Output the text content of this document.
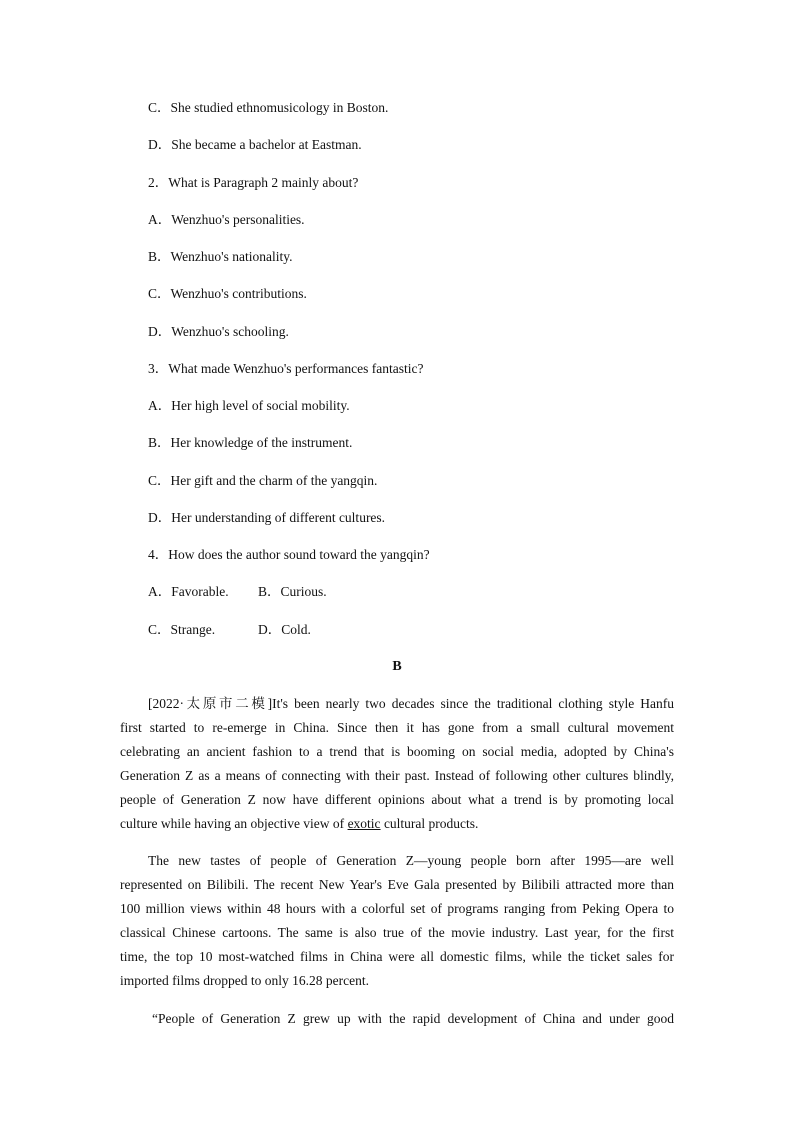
C．She studied ethnomusicology in Boston.
D．She became a bachelor at Eastman.
2．What is Paragraph 2 mainly about?
A．Wenzhuo's personalities.
B．Wenzhuo's nationality.
C．Wenzhuo's contributions.
D．Wenzhuo's schooling.
3．What made Wenzhuo's performances fantastic?
A．Her high level of social mobility.
B．Her knowledge of the instrument.
C．Her gift and the charm of the yangqin.
D．Her understanding of different cultures.
4．How does the author sound toward the yangqin?
A．Favorable. B．Curious.
C．Strange.	D．Cold.
B
[2022·太原市二模]It's been nearly two decades since the traditional clothing style Hanfu
first started to re-emerge in China. Since then it has gone from a small cultural movement
celebrating an ancient fashion to a trend that is booming on social media, adopted by China's
Generation Z as a means of connecting with their past. Instead of following other cultures blindly,
people of Generation Z now have different opinions about what a trend is by promoting local
culture while having an objective view of exotic cultural products.
The new tastes of people of Generation Z—young people born after 1995—are well
represented on Bilibili. The recent New Year's Eve Gala presented by Bilibili attracted more than
100 million views within 48 hours with a colorful set of programs ranging from Peking Opera to
classical Chinese cartoons. The same is also true of the movie industry. Last year, for the first
time, the top 10 most-watched films in China were all domestic films, while the ticket sales for
imported films dropped to only 16.28 percent.
“People of Generation Z grew up with the rapid development of China and under good
